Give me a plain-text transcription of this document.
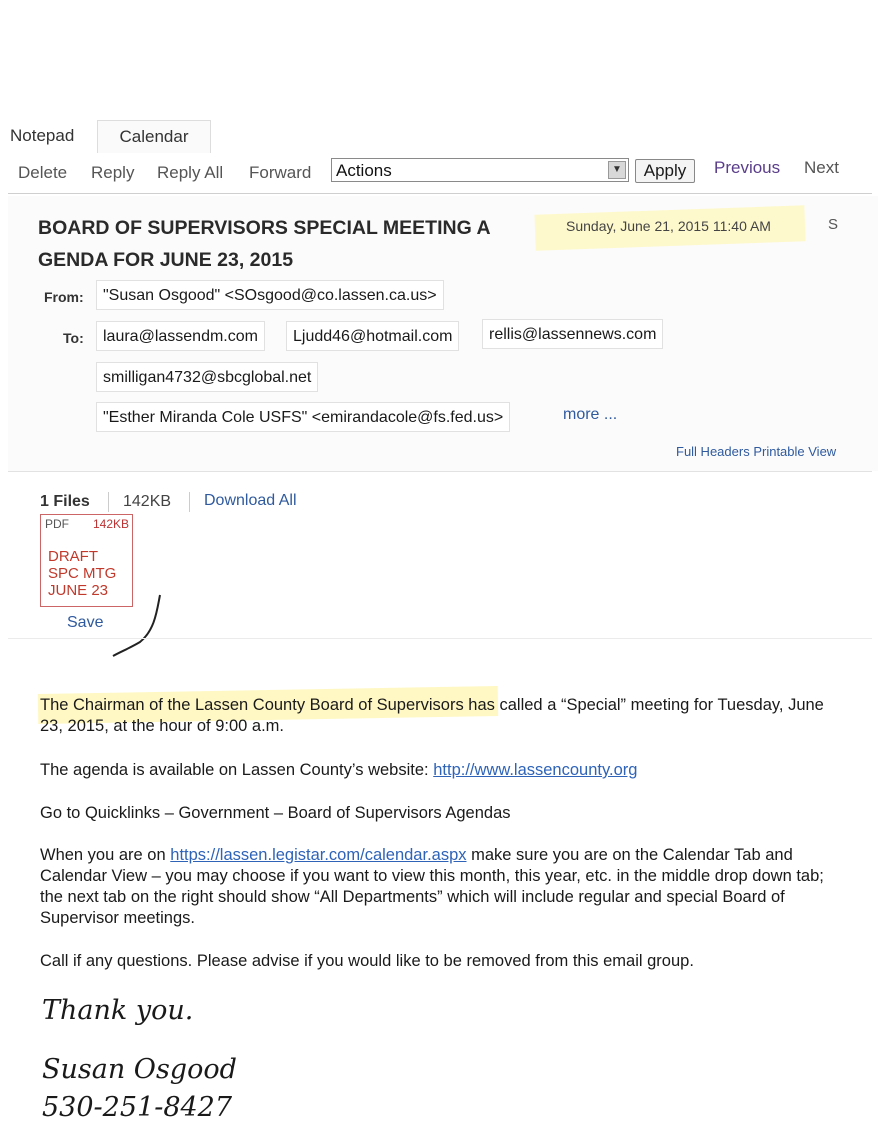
Notepad	Calendar
Delete Reply Reply All Forward Actions	▼	Apply	Previous Next
BOARD OF SUPERVISORS SPECIAL MEETING A
GENDA FOR JUNE 23, 2015
Sunday, June 21, 2015 11:40 AM	S
From:	"Susan Osgood" <SOsgood@co.lassen.ca.us>
To:	laura@lassendm.com	Ljudd46@hotmail.com	rellis@lassennews.com
smilligan4732@sbcglobal.net
"Esther Miranda Cole USFS" <emirandacole@fs.fed.us>	more ...
Full Headers Printable View
1 Files 142KB Download All
PDF 142KB
DRAFT
SPC MTG
JUNE 23
Save
The Chairman of the Lassen County Board of Supervisors has called a “Special” meeting for Tuesday, June 23, 2015, at the hour of 9:00 a.m.
The agenda is available on Lassen County’s website: http://www.lassencounty.org
Go to Quicklinks – Government – Board of Supervisors Agendas
When you are on https://lassen.legistar.com/calendar.aspx make sure you are on the Calendar Tab and Calendar View – you may choose if you want to view this month, this year, etc. in the middle drop down tab; the next tab on the right should show “All Departments” which will include regular and special Board of Supervisor meetings.
Call if any questions. Please advise if you would like to be removed from this email group.
Thank you.
Susan Osgood
530-251-8427
